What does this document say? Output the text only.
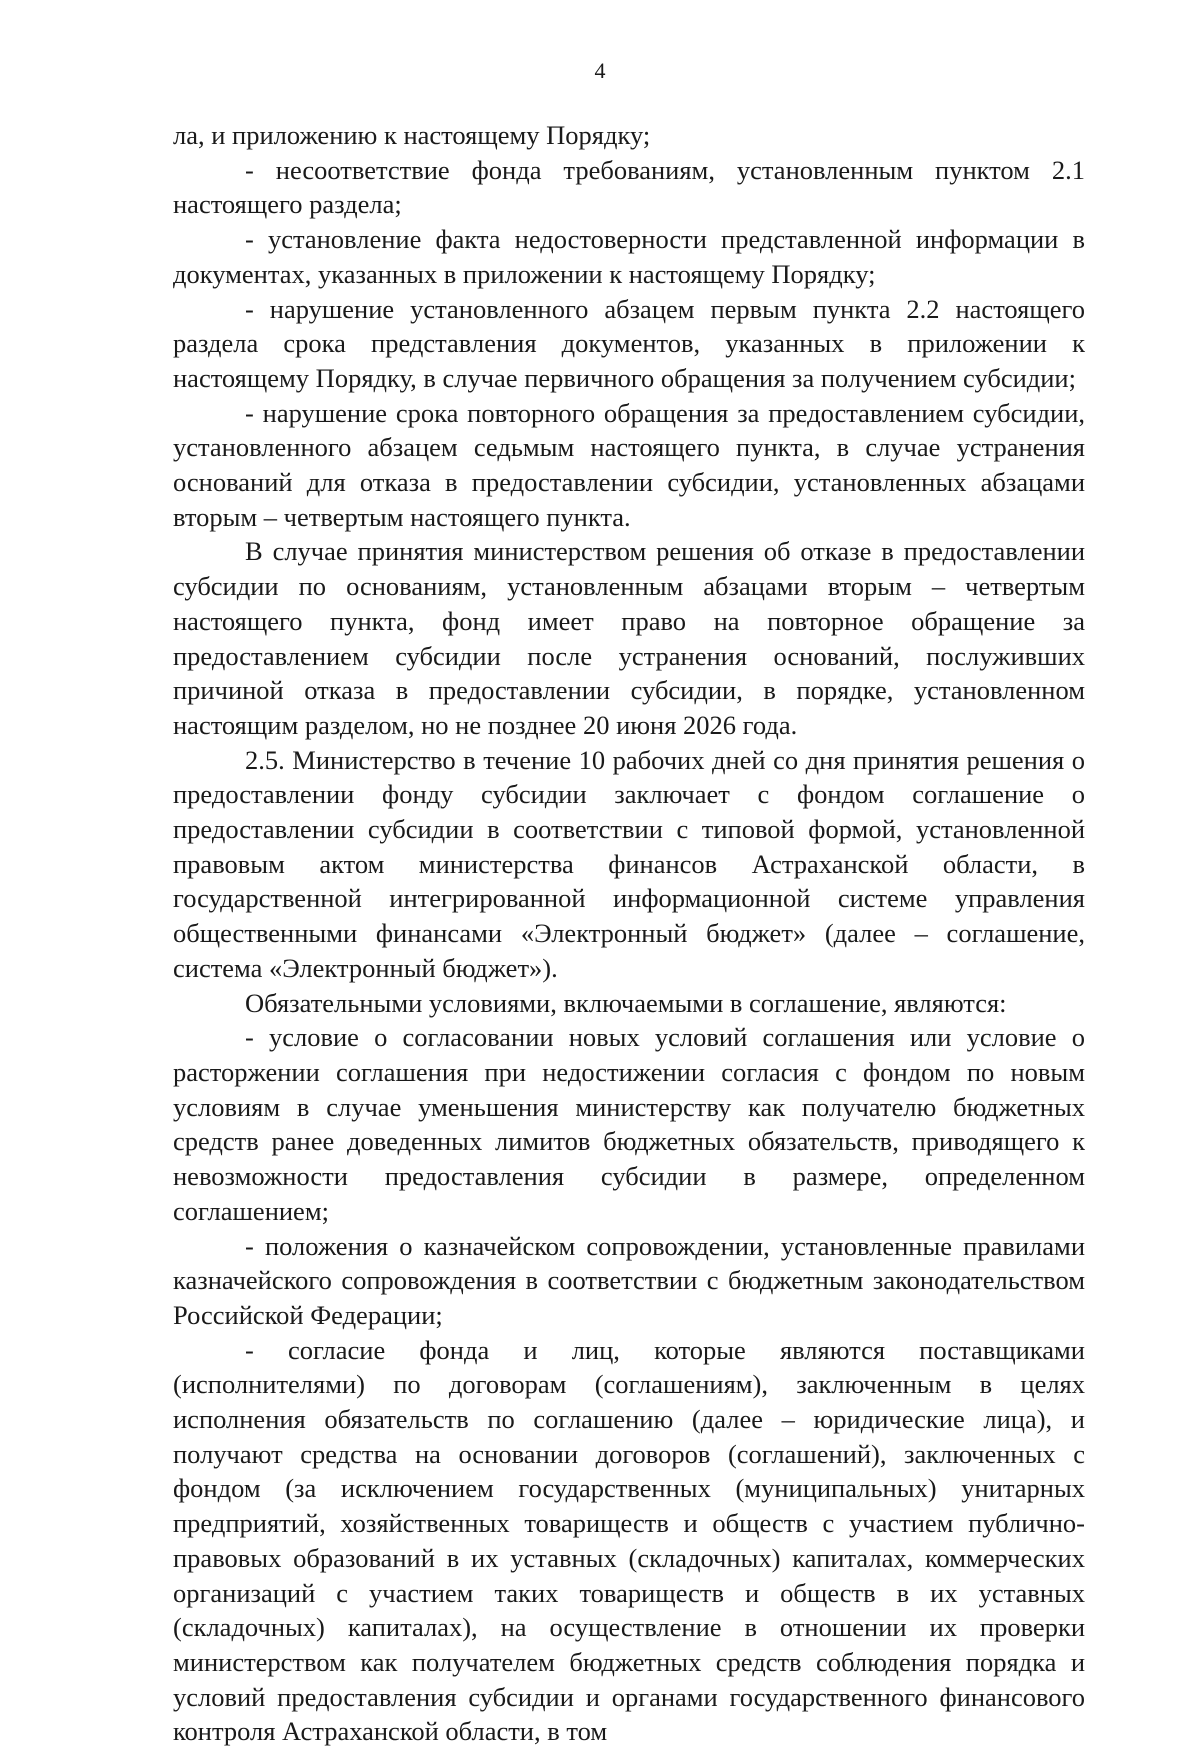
4

ла, и приложению к настоящему Порядку;

- несоответствие фонда требованиям, установленным пунктом 2.1 настоящего раздела;

- установление факта недостоверности представленной информации в документах, указанных в приложении к настоящему Порядку;

- нарушение установленного абзацем первым пункта 2.2 настоящего раздела срока представления документов, указанных в приложении к настоящему Порядку, в случае первичного обращения за получением субсидии;

- нарушение срока повторного обращения за предоставлением субсидии, установленного абзацем седьмым настоящего пункта, в случае устранения оснований для отказа в предоставлении субсидии, установленных абзацами вторым – четвертым настоящего пункта.

В случае принятия министерством решения об отказе в предоставлении субсидии по основаниям, установленным абзацами вторым – четвертым настоящего пункта, фонд имеет право на повторное обращение за предоставлением субсидии после устранения оснований, послуживших причиной отказа в предоставлении субсидии, в порядке, установленном настоящим разделом, но не позднее 20 июня 2026 года.

2.5. Министерство в течение 10 рабочих дней со дня принятия решения о предоставлении фонду субсидии заключает с фондом соглашение о предоставлении субсидии в соответствии с типовой формой, установленной правовым актом министерства финансов Астраханской области, в государственной интегрированной информационной системе управления общественными финансами «Электронный бюджет» (далее – соглашение, система «Электронный бюджет»).

Обязательными условиями, включаемыми в соглашение, являются:

- условие о согласовании новых условий соглашения или условие о расторжении соглашения при недостижении согласия с фондом по новым условиям в случае уменьшения министерству как получателю бюджетных средств ранее доведенных лимитов бюджетных обязательств, приводящего к невозможности предоставления субсидии в размере, определенном соглашением;

- положения о казначейском сопровождении, установленные правилами казначейского сопровождения в соответствии с бюджетным законодательством Российской Федерации;

- согласие фонда и лиц, которые являются поставщиками (исполнителями) по договорам (соглашениям), заключенным в целях исполнения обязательств по соглашению (далее – юридические лица), и получают средства на основании договоров (соглашений), заключенных с фондом (за исключением государственных (муниципальных) унитарных предприятий, хозяйственных товариществ и обществ с участием публично-правовых образований в их уставных (складочных) капиталах, коммерческих организаций с участием таких товариществ и обществ в их уставных (складочных) капиталах), на осуществление в отношении их проверки министерством как получателем бюджетных средств соблюдения порядка и условий предоставления субсидии и органами государственного финансового контроля Астраханской области, в том
